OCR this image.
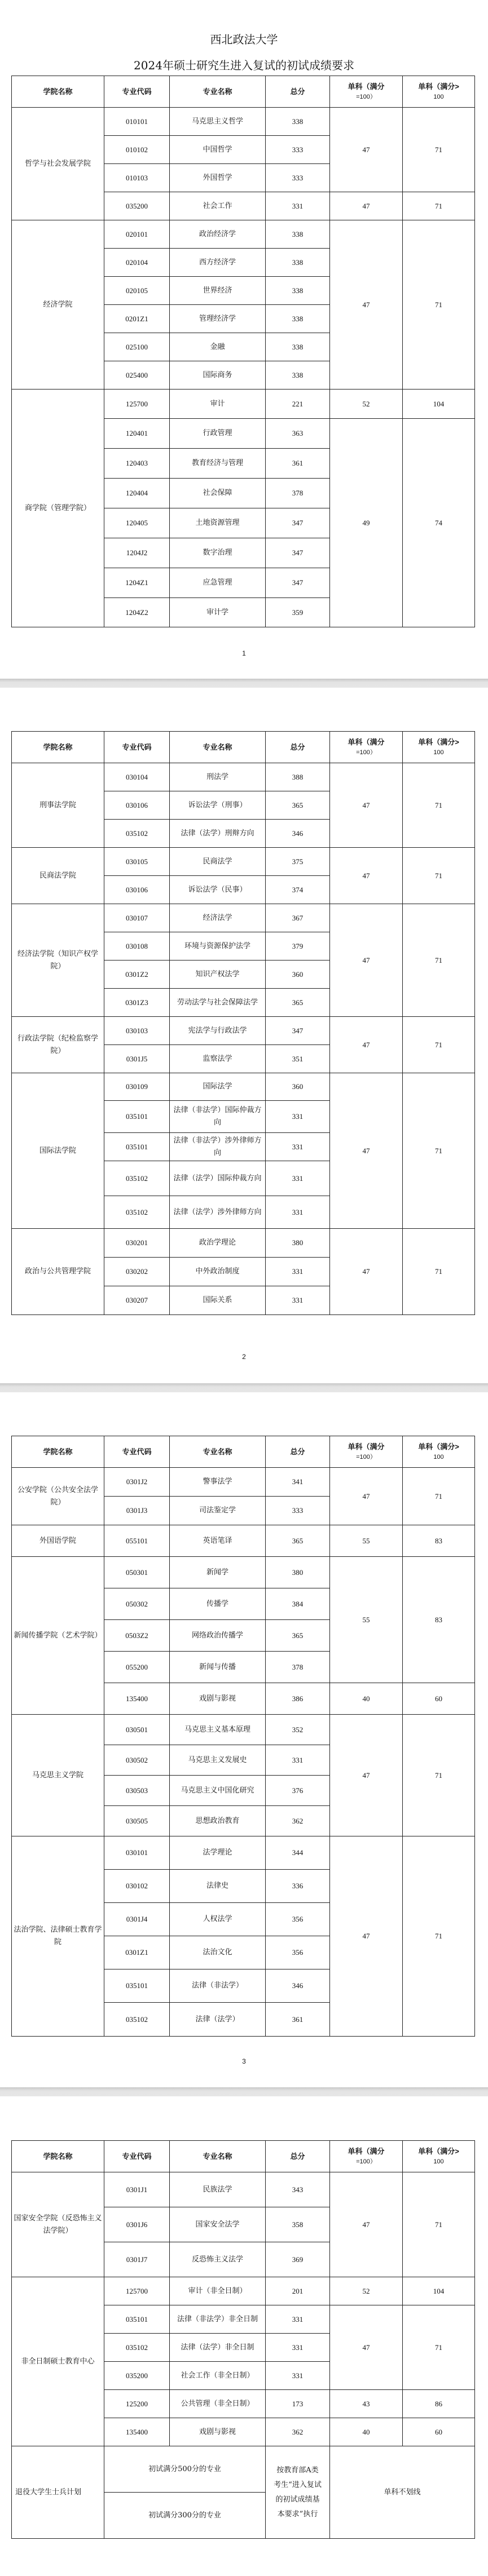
西北政法大学
2024年硕士研究生进入复试的初试成绩要求
学院名称	专业代码	专业名称	总分	单科（满分
=100）	单科（满分>
100

哲学与社会发展学院	010101	马克思主义哲学	338	47	71
	010102	中国哲学	333		
	010103	外国哲学	333		
	035200	社会工作	331	47	71
经济学院	020101	政治经济学	338	47	71
	020104	西方经济学	338		
	020105	世界经济	338		
	0201Z1	管理经济学	338		
	025100	金融	338		
	025400	国际商务	338		
商学院（管理学院）	125700	审计	221	52	104
	120401	行政管理	363	49	74
	120403	教育经济与管理	361		
	120404	社会保障	378		
	120405	土地资源管理	347		
	1204J2	数字治理	347		
	1204Z1	应急管理	347		
	1204Z2	审计学	359		
1
学院名称	专业代码	专业名称	总分	单科（满分
=100）	单科（满分>
100

刑事法学院	030104	刑法学	388	47	71
	030106	诉讼法学（刑事）	365		
	035102	法律（法学）刑辩方向	346		
民商法学院	030105	民商法学	375	47	71
	030106	诉讼法学（民事）	374		
经济法学院（知识产权学院）	030107	经济法学	367	47	71
	030108	环境与资源保护法学	379		
	0301Z2	知识产权法学	360		
	0301Z3	劳动法学与社会保障法学	365		
行政法学院（纪检监察学院）	030103	宪法学与行政法学	347	47	71
	0301J5	监察法学	351		
国际法学院	030109	国际法学	360	47	71
	035101	法律（非法学）国际仲裁方向	331		
	035101	法律（非法学）涉外律师方向	331		
	035102	法律（法学）国际仲裁方向	331		
	035102	法律（法学）涉外律师方向	331		
政治与公共管理学院	030201	政治学理论	380	47	71
	030202	中外政治制度	331		
	030207	国际关系	331		
2
学院名称	专业代码	专业名称	总分	单科（满分
=100）	单科（满分>
100

公安学院（公共安全法学院）	0301J2	警事法学	341	47	71
	0301J3	司法鉴定学	333		
外国语学院	055101	英语笔译	365	55	83
新闻传播学院（艺术学院）	050301	新闻学	380	55	83
	050302	传播学	384		
	0503Z2	网络政治传播学	365		
	055200	新闻与传播	378		
	135400	戏剧与影视	386	40	60
马克思主义学院	030501	马克思主义基本原理	352	47	71
	030502	马克思主义发展史	331		
	030503	马克思主义中国化研究	376		
	030505	思想政治教育	362		
法治学院、法律硕士教育学院	030101	法学理论	344	47	71
	030102	法律史	336		
	0301J4	人权法学	356		
	0301Z1	法治文化	356		
	035101	法律（非法学）	346		
	035102	法律（法学）	361		
3
学院名称	专业代码	专业名称	总分	单科（满分
=100）	单科（满分>
100

国家安全学院（反恐怖主义法学院）	0301J1	民族法学	343	47	71
	0301J6	国家安全法学	358		
	0301J7	反恐怖主义法学	369		
非全日制硕士教育中心	125700	审计（非全日制）	201	52	104
	035101	法律（非法学）非全日制	331	47	71
	035102	法律（法学）非全日制	331		
	035200	社会工作（非全日制）	331		
	125200	公共管理（非全日制）	173	43	86
	135400	戏剧与影视	362	40	60
退役大学生士兵计划	初试满分500分的专业		按教育部A类考生“进入复试的初试成绩基本要求”执行	单科不划线	
	初试满分300分的专业				
